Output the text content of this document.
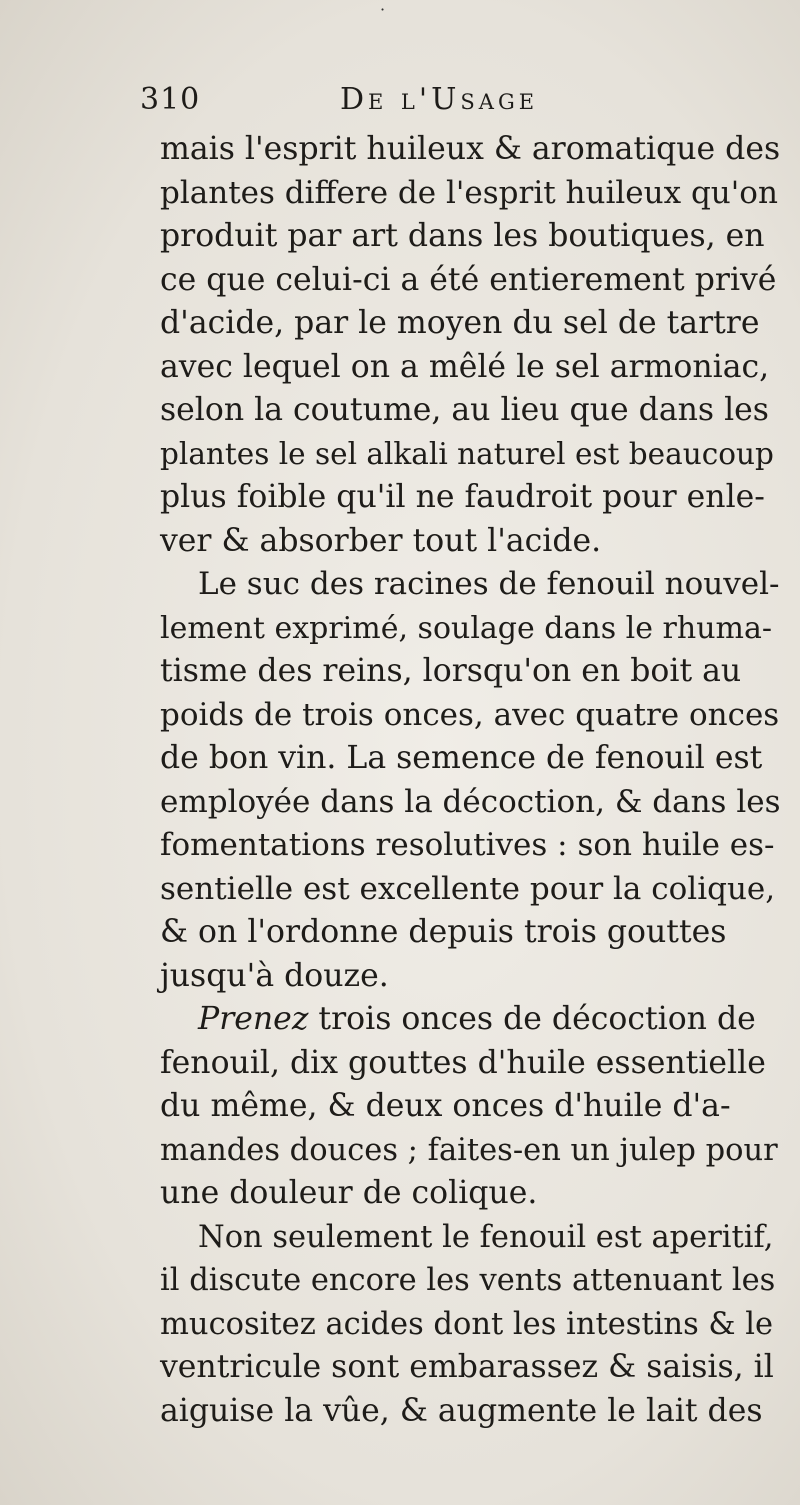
·
310	De l'Usage
mais l'esprit huileux & aromatique des
plantes differe de l'esprit huileux qu'on
produit par art dans les boutiques, en
ce que celui-ci a été entierement privé
d'acide, par le moyen du sel de tartre
avec lequel on a mêlé le sel armoniac,
selon la coutume, au lieu que dans les
plantes le sel alkali naturel est beaucoup
plus foible qu'il ne faudroit pour enle-
ver & absorber tout l'acide.
Le suc des racines de fenouil nouvel-
lement exprimé, soulage dans le rhuma-
tisme des reins, lorsqu'on en boit au
poids de trois onces, avec quatre onces
de bon vin. La semence de fenouil est
employée dans la décoction, & dans les
fomentations resolutives : son huile es-
sentielle est excellente pour la colique,
& on l'ordonne depuis trois gouttes
jusqu'à douze.
Prenez trois onces de décoction de
fenouil, dix gouttes d'huile essentielle
du même, & deux onces d'huile d'a-
mandes douces ; faites-en un julep pour
une douleur de colique.
Non seulement le fenouil est aperitif,
il discute encore les vents attenuant les
mucositez acides dont les intestins & le
ventricule sont embarassez & saisis, il
aiguise la vûe, & augmente le lait des
